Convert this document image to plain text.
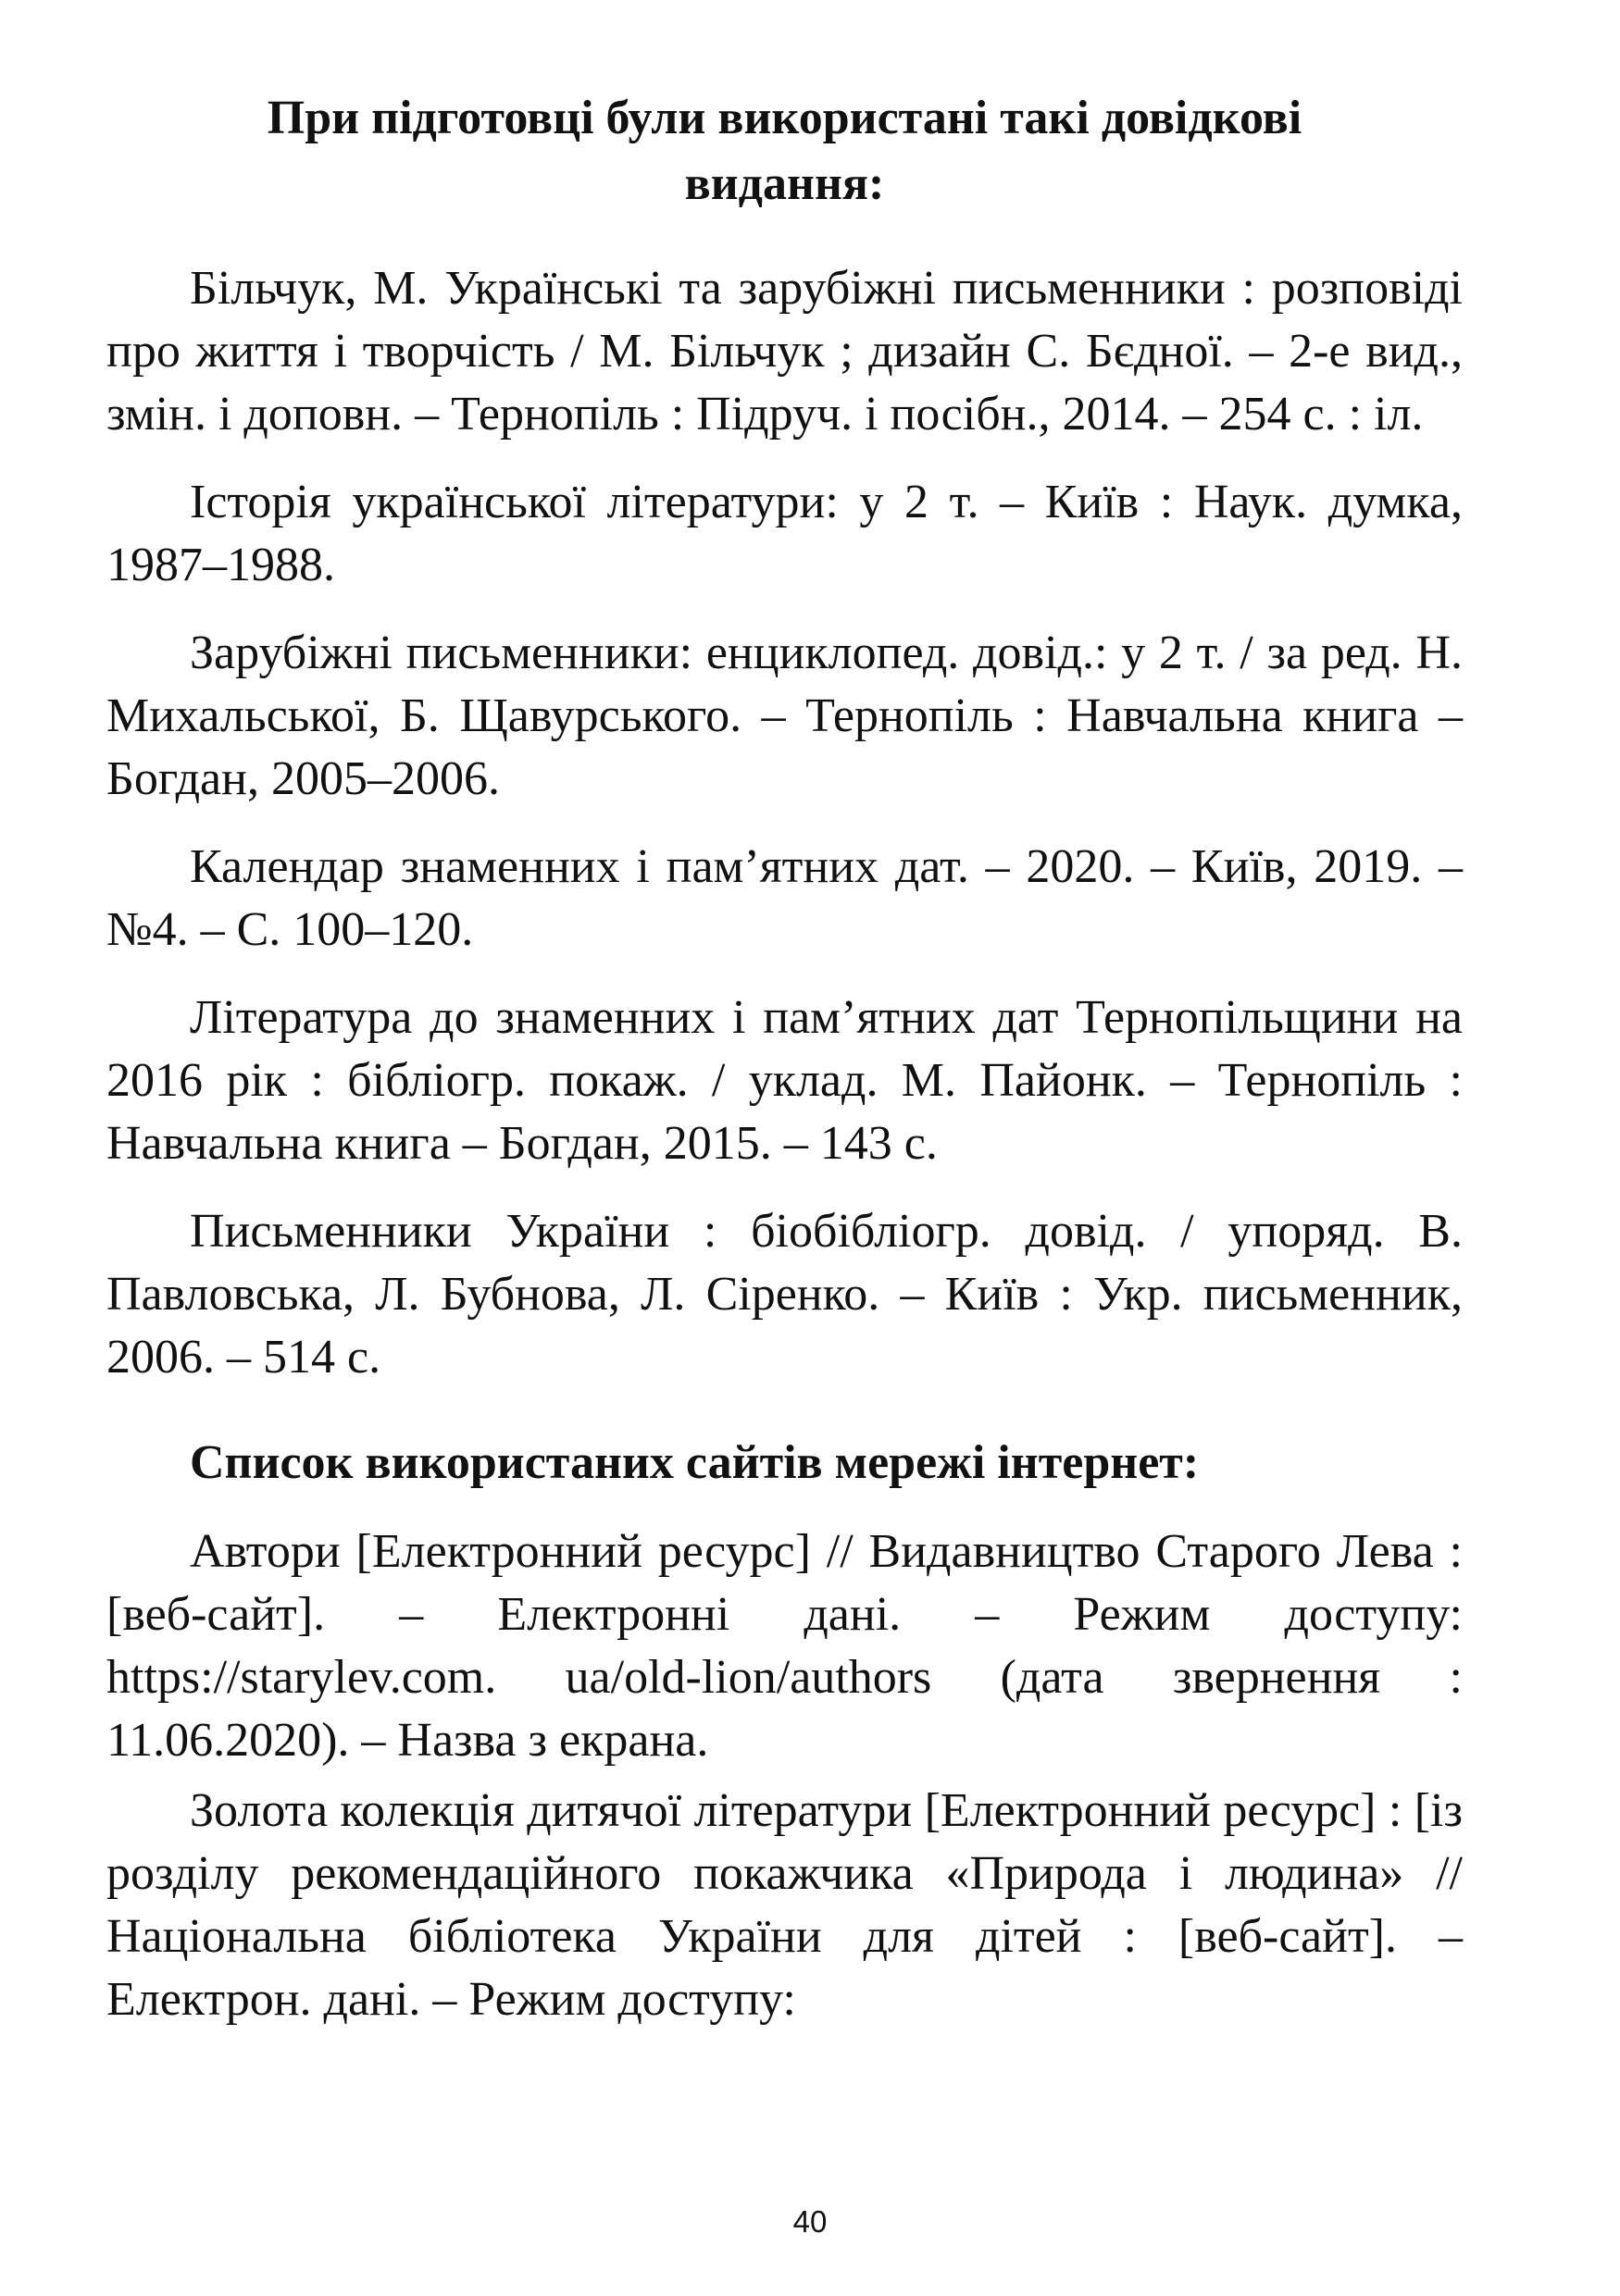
При підготовці були використані такі довідкові видання:

Більчук, М. Українські та зарубіжні письменники : розповіді про життя і творчість / М. Більчук ; дизайн С. Бєдної. – 2-е вид., змін. і доповн. – Тернопіль : Підруч. і посібн., 2014. – 254 с. : іл.

Історія української літератури: у 2 т. – Київ : Наук. думка, 1987–1988.

Зарубіжні письменники: енциклопед. довід.: у 2 т. / за ред. Н. Михальської, Б. Щавурського. – Тернопіль : Навчальна книга – Богдан, 2005–2006.

Календар знаменних і пам’ятних дат. – 2020. – Київ, 2019. – №4. – С. 100–120.

Література до знаменних і пам’ятних дат Тернопільщини на 2016 рік : бібліогр. покаж. / уклад. М. Пайонк. – Тернопіль : Навчальна книга – Богдан, 2015. – 143 с.

Письменники України : біобібліогр. довід. / упоряд. В. Павловська, Л. Бубнова, Л. Сіренко. – Київ : Укр. письменник, 2006. – 514 с.

Список використаних сайтів мережі інтернет:

Автори [Електронний ресурс] // Видавництво Старого Лева : [веб-сайт]. – Електронні дані. – Режим доступу: https://starylev.com. ua/old-lion/authors (дата звернення : 11.06.2020). – Назва з екрана.

Золота колекція дитячої літератури [Електронний ресурс] : [із розділу рекомендаційного покажчика «Природа і людина» // Національна бібліотека України для дітей : [веб-сайт]. – Електрон. дані. – Режим доступу:

40
